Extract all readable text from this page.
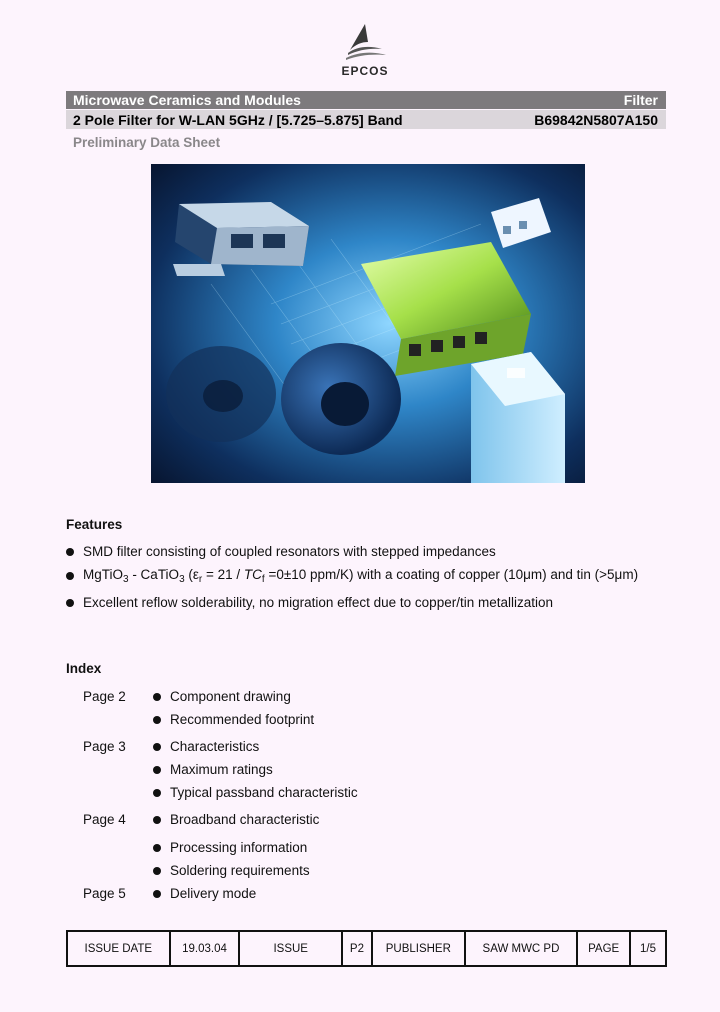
EPCOS
Microwave Ceramics and Modules	Filter
2 Pole Filter for W-LAN 5GHz / [5.725–5.875] Band	B69842N5807A150
Preliminary Data Sheet
Features
SMD filter consisting of coupled resonators with stepped impedances
MgTiO$_3$ - CaTiO$_3$ ($\varepsilon_r = 21 / TC_f =0\pm 10$ ppm/K) with a coating of copper (10μm) and tin (>5μm)
Excellent reflow solderability, no migration effect due to copper/tin metallization
Index
Page 2	Component drawing
Recommended footprint
Page 3	Characteristics
Maximum ratings
Typical passband characteristic
Page 4	Broadband characteristic
Processing information
Soldering requirements
Page 5	Delivery mode
ISSUE DATE	19.03.04	ISSUE	P2	PUBLISHER	SAW MWC PD	PAGE	1/5
